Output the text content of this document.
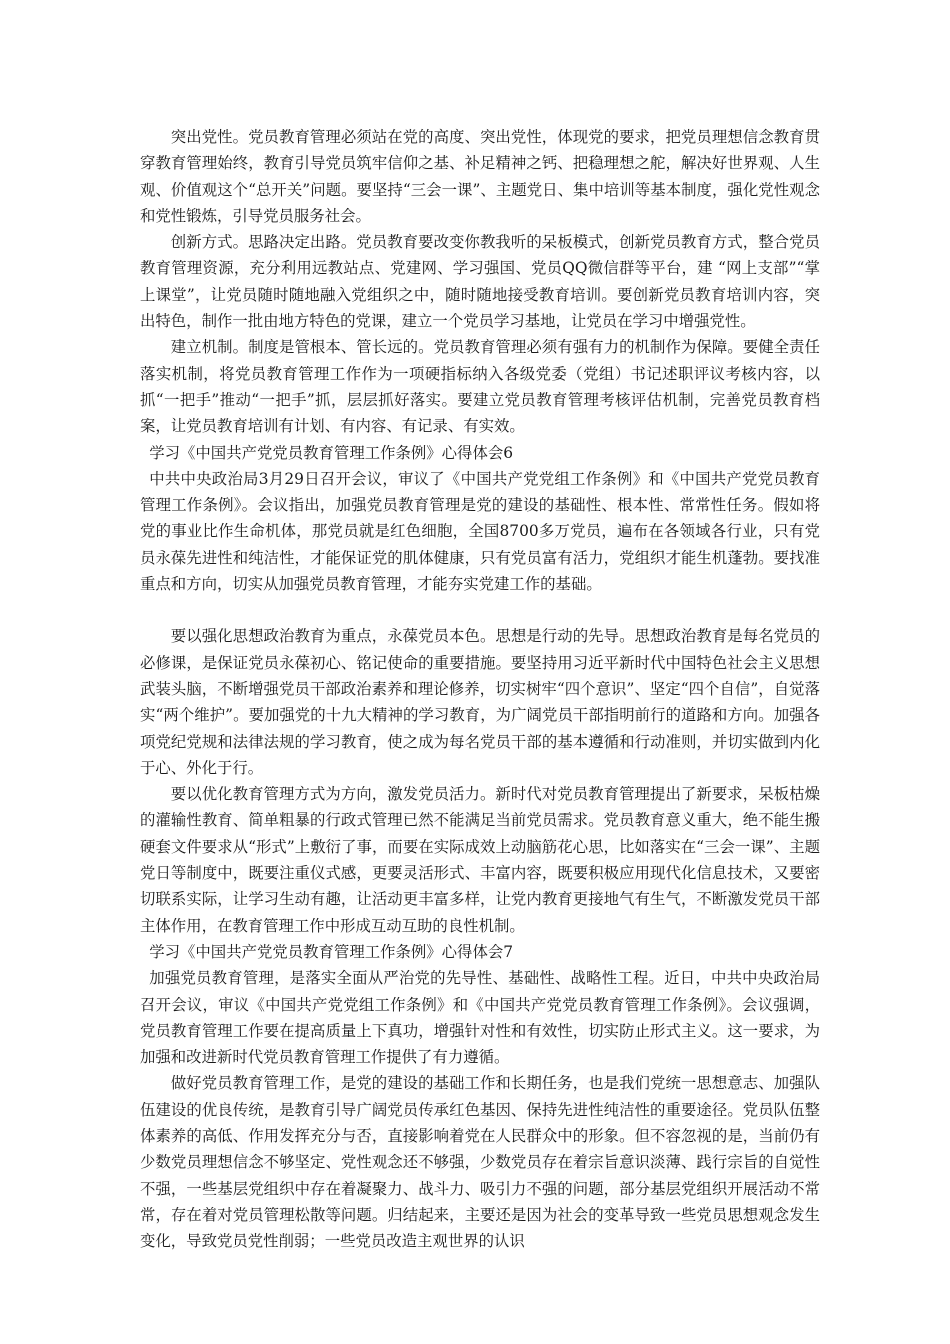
突出党性。党员教育管理必须站在党的高度、突出党性，体现党的要求，把党员理想信念教育贯穿教育管理始终，教育引导党员筑牢信仰之基、补足精神之钙、把稳理想之舵，解决好世界观、人生观、价值观这个“总开关”问题。要坚持“三会一课”、主题党日、集中培训等基本制度，强化党性观念和党性锻炼，引导党员服务社会。

创新方式。思路决定出路。党员教育要改变你教我听的呆板模式，创新党员教育方式，整合党员教育管理资源，充分利用远教站点、党建网、学习强国、党员QQ微信群等平台，建 “网上支部”“掌上课堂”，让党员随时随地融入党组织之中，随时随地接受教育培训。要创新党员教育培训内容，突出特色，制作一批由地方特色的党课，建立一个党员学习基地，让党员在学习中增强党性。

建立机制。制度是管根本、管长远的。党员教育管理必须有强有力的机制作为保障。要健全责任落实机制，将党员教育管理工作作为一项硬指标纳入各级党委（党组）书记述职评议考核内容，以抓“一把手”推动“一把手”抓，层层抓好落实。要建立党员教育管理考核评估机制，完善党员教育档案，让党员教育培训有计划、有内容、有记录、有实效。

学习《中国共产党党员教育管理工作条例》心得体会6

中共中央政治局3月29日召开会议，审议了《中国共产党党组工作条例》和《中国共产党党员教育管理工作条例》。会议指出，加强党员教育管理是党的建设的基础性、根本性、常常性任务。假如将党的事业比作生命机体，那党员就是红色细胞，全国8700多万党员，遍布在各领域各行业，只有党员永葆先进性和纯洁性，才能保证党的肌体健康，只有党员富有活力，党组织才能生机蓬勃。要找准重点和方向，切实从加强党员教育管理，才能夯实党建工作的基础。

要以强化思想政治教育为重点，永葆党员本色。思想是行动的先导。思想政治教育是每名党员的必修课，是保证党员永葆初心、铭记使命的重要措施。要坚持用习近平新时代中国特色社会主义思想武装头脑，不断增强党员干部政治素养和理论修养，切实树牢“四个意识”、坚定“四个自信”，自觉落实“两个维护”。要加强党的十九大精神的学习教育，为广阔党员干部指明前行的道路和方向。加强各项党纪党规和法律法规的学习教育，使之成为每名党员干部的基本遵循和行动准则，并切实做到内化于心、外化于行。

要以优化教育管理方式为方向，激发党员活力。新时代对党员教育管理提出了新要求，呆板枯燥的灌输性教育、简单粗暴的行政式管理已然不能满足当前党员需求。党员教育意义重大，绝不能生搬硬套文件要求从“形式”上敷衍了事，而要在实际成效上动脑筋花心思，比如落实在“三会一课”、主题党日等制度中，既要注重仪式感，更要灵活形式、丰富内容，既要积极应用现代化信息技术，又要密切联系实际，让学习生动有趣，让活动更丰富多样，让党内教育更接地气有生气，不断激发党员干部主体作用，在教育管理工作中形成互动互助的良性机制。

学习《中国共产党党员教育管理工作条例》心得体会7

加强党员教育管理，是落实全面从严治党的先导性、基础性、战略性工程。近日，中共中央政治局召开会议，审议《中国共产党党组工作条例》和《中国共产党党员教育管理工作条例》。会议强调，党员教育管理工作要在提高质量上下真功，增强针对性和有效性，切实防止形式主义。这一要求，为加强和改进新时代党员教育管理工作提供了有力遵循。

做好党员教育管理工作，是党的建设的基础工作和长期任务，也是我们党统一思想意志、加强队伍建设的优良传统，是教育引导广阔党员传承红色基因、保持先进性纯洁性的重要途径。党员队伍整体素养的高低、作用发挥充分与否，直接影响着党在人民群众中的形象。但不容忽视的是，当前仍有少数党员理想信念不够坚定、党性观念还不够强，少数党员存在着宗旨意识淡薄、践行宗旨的自觉性不强，一些基层党组织中存在着凝聚力、战斗力、吸引力不强的问题，部分基层党组织开展活动不常常，存在着对党员管理松散等问题。归结起来，主要还是因为社会的变革导致一些党员思想观念发生变化，导致党员党性削弱；一些党员改造主观世界的认识
